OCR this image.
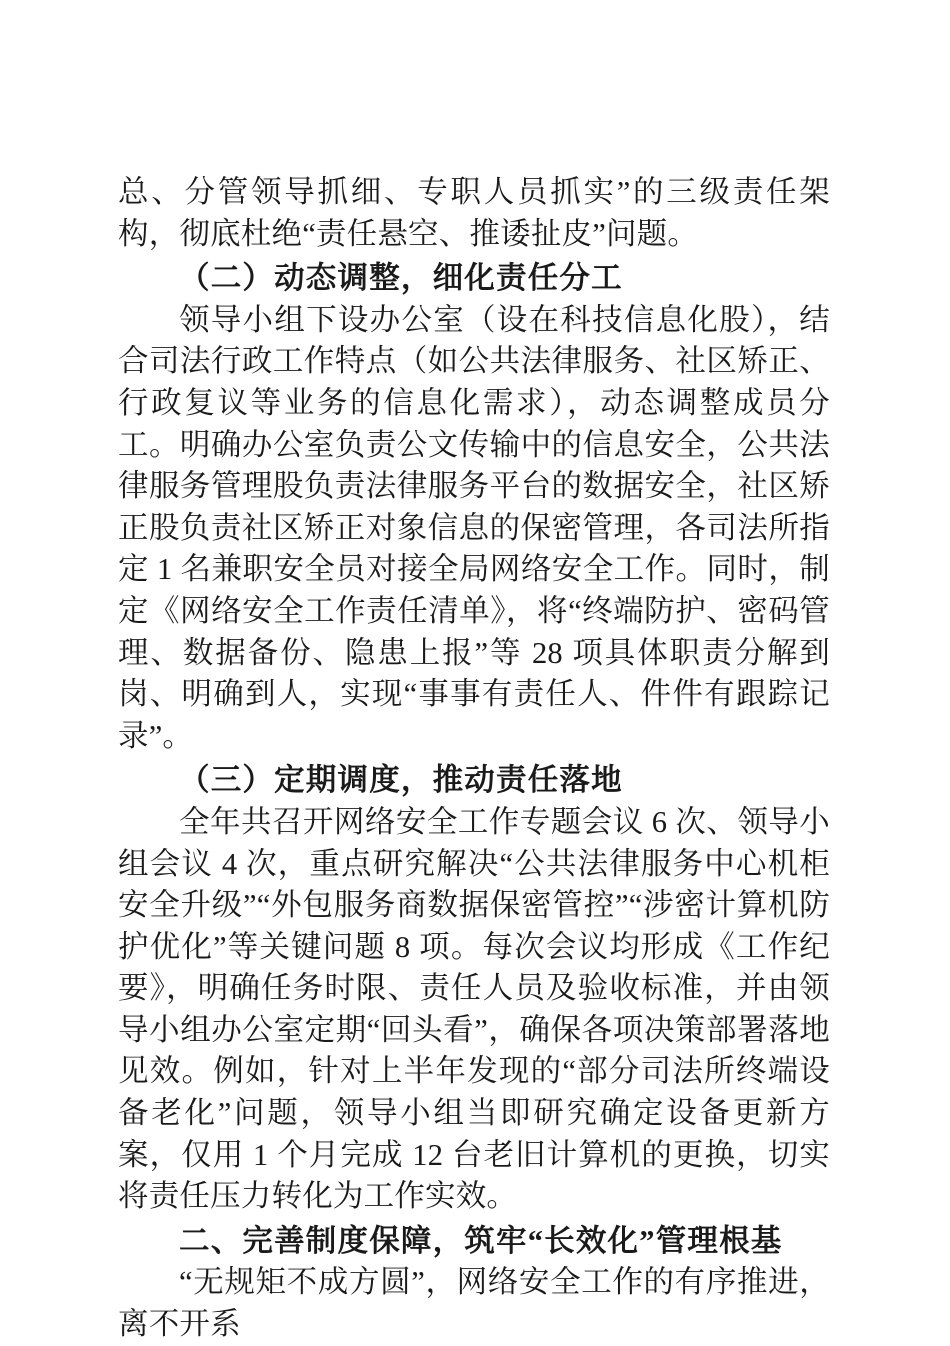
总、分管领导抓细、专职人员抓实”的三级责任架构，彻底杜绝“责任悬空、推诿扯皮”问题。

（二）动态调整，细化责任分工

领导小组下设办公室（设在科技信息化股），结合司法行政工作特点（如公共法律服务、社区矫正、行政复议等业务的信息化需求），动态调整成员分工。明确办公室负责公文传输中的信息安全，公共法律服务管理股负责法律服务平台的数据安全，社区矫正股负责社区矫正对象信息的保密管理，各司法所指定 1 名兼职安全员对接全局网络安全工作。同时，制定《网络安全工作责任清单》，将“终端防护、密码管理、数据备份、隐患上报”等 28 项具体职责分解到岗、明确到人，实现“事事有责任人、件件有跟踪记录”。

（三）定期调度，推动责任落地

全年共召开网络安全工作专题会议 6 次、领导小组会议 4 次，重点研究解决“公共法律服务中心机柜安全升级”“外包服务商数据保密管控”“涉密计算机防护优化”等关键问题 8 项。每次会议均形成《工作纪要》，明确任务时限、责任人员及验收标准，并由领导小组办公室定期“回头看”，确保各项决策部署落地见效。例如，针对上半年发现的“部分司法所终端设备老化”问题，领导小组当即研究确定设备更新方案，仅用 1 个月完成 12 台老旧计算机的更换，切实将责任压力转化为工作实效。

二、完善制度保障，筑牢“长效化”管理根基

“无规矩不成方圆”，网络安全工作的有序推进，离不开系
